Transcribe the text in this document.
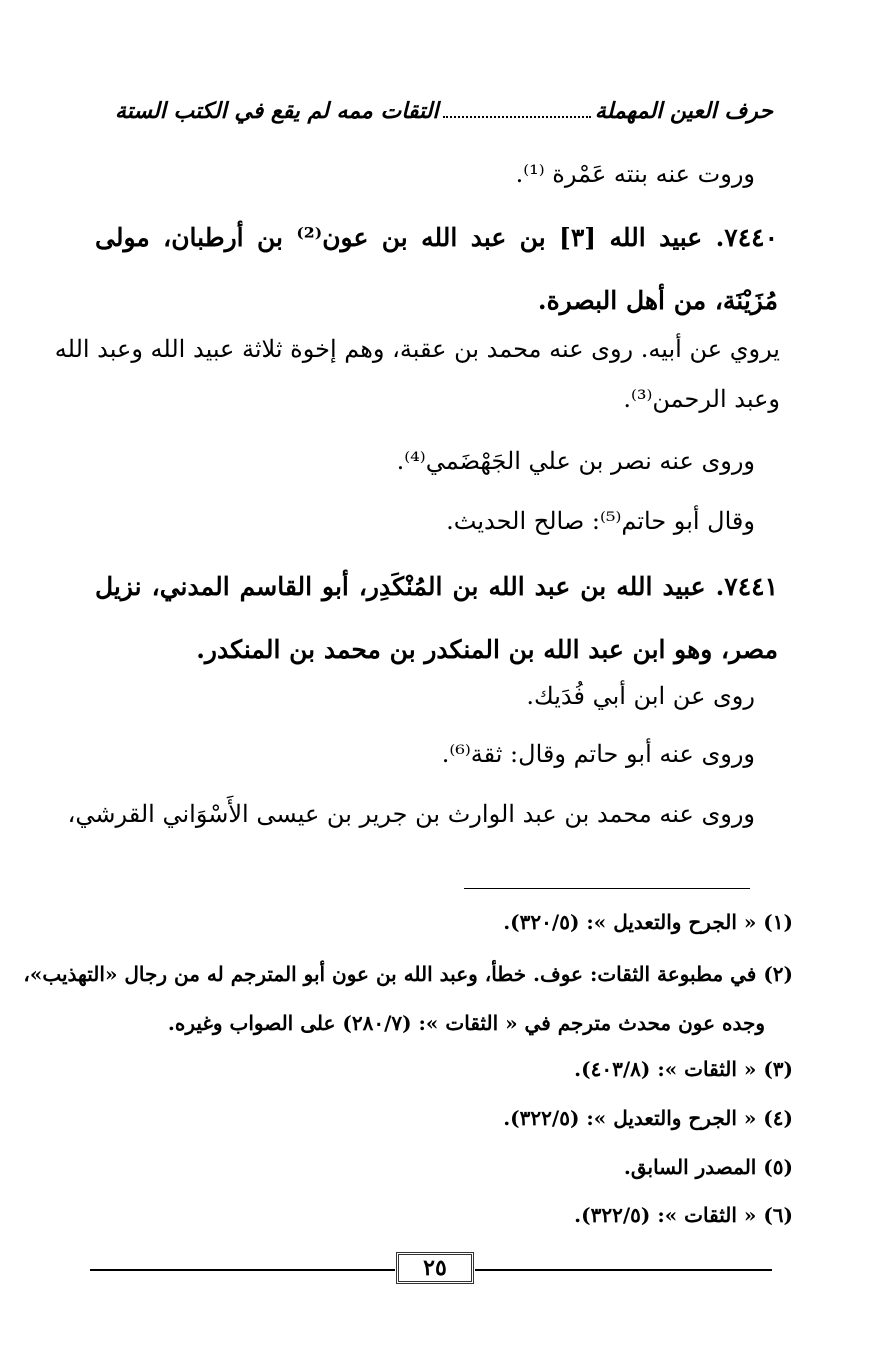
حرف العين المهملة
التقات ممه لم يقع في الكتب الستة
وروت عنه بنته عَمْرة ⁽¹⁾.
٧٤٤٠. عبيد الله [٣] بن عبد الله بن عون⁽²⁾ بن أرطبان، مولى مُزَيْنَة، من أهل البصرة.
يروي عن أبيه. روى عنه محمد بن عقبة، وهم إخوة ثلاثة عبيد الله وعبد الله
وعبد الرحمن⁽³⁾.
وروى عنه نصر بن علي الجَهْضَمي⁽⁴⁾.
وقال أبو حاتم⁽⁵⁾: صالح الحديث.
٧٤٤١. عبيد الله بن عبد الله بن المُنْكَدِر، أبو القاسم المدني، نزيل مصر، وهو ابن عبد الله بن المنكدر بن محمد بن المنكدر.
روى عن ابن أبي فُدَيك.
وروى عنه أبو حاتم وقال: ثقة⁽⁶⁾.
وروى عنه محمد بن عبد الوارث بن جرير بن عيسى الأَسْوَاني القرشي،
(١) « الجرح والتعديل »: (٣٢٠/٥).
(٢) في مطبوعة الثقات: عوف. خطأ، وعبد الله بن عون أبو المترجم له من رجال «التهذيب»،
وجده عون محدث مترجم في « الثقات »: (٢٨٠/٧) على الصواب وغيره.
(٣) « الثقات »: (٤٠٣/٨).
(٤) « الجرح والتعديل »: (٣٢٢/٥).
(٥) المصدر السابق.
(٦) « الثقات »: (٣٢٢/٥).
٢٥
